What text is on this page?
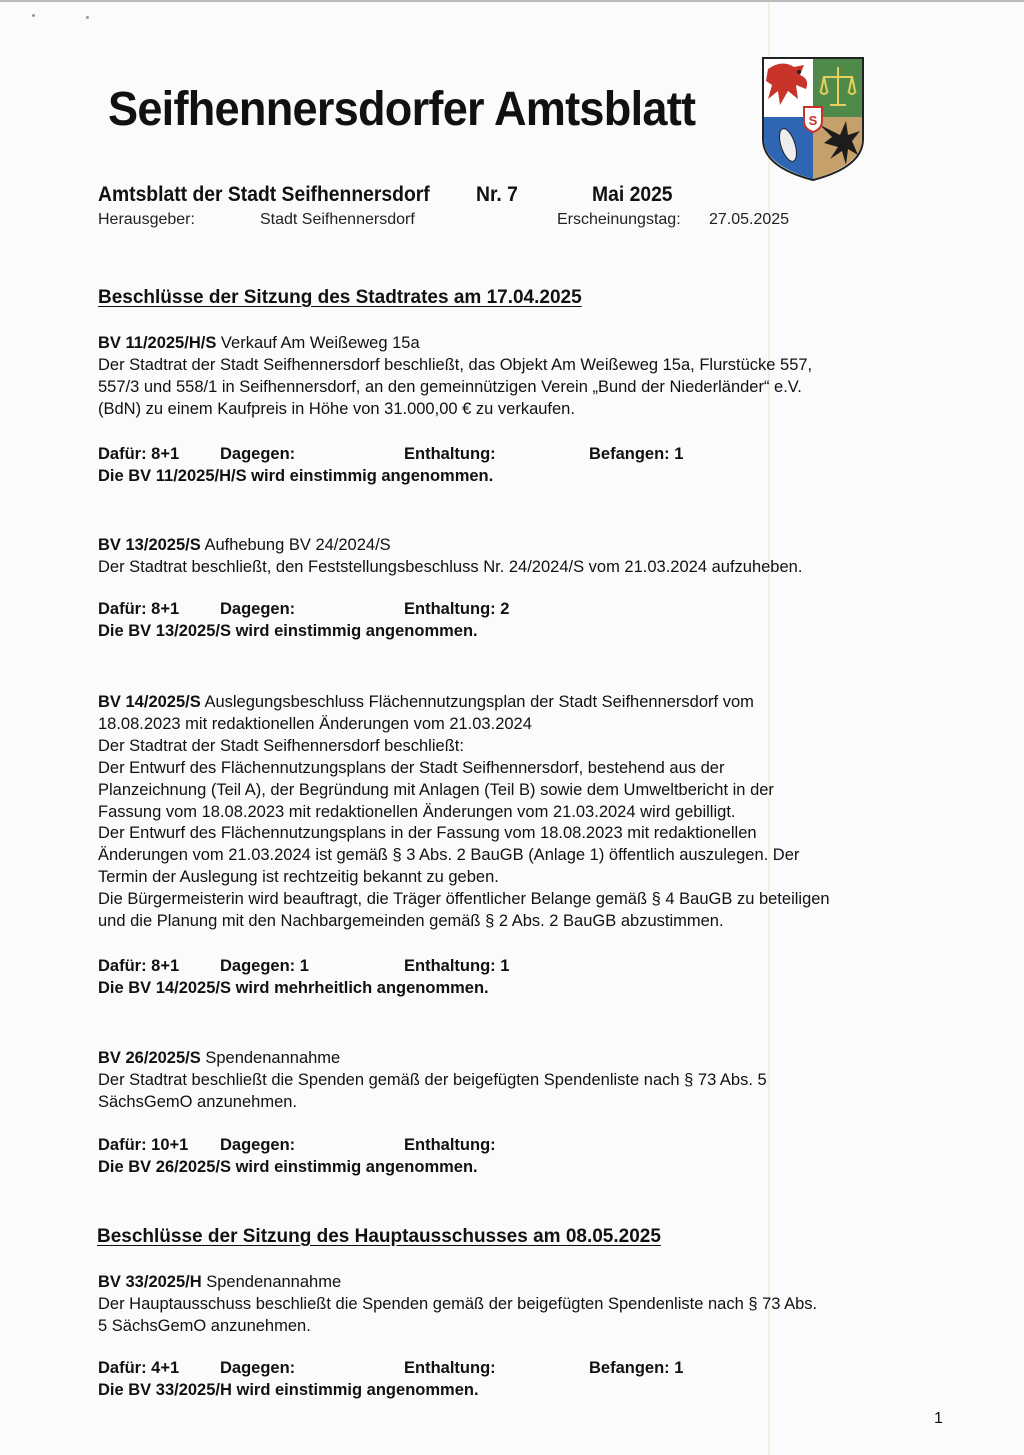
Seifhennersdorfer Amtsblatt	S
Amtsblatt der Stadt Seifhennersdorf Nr. 7	Mai 2025
Herausgeber:	Stadt Seifhennersdorf	Erscheinungstag: 27.05.2025
Beschlüsse der Sitzung des Stadtrates am 17.04.2025

BV 11/2025/H/S Verkauf Am Weißeweg 15a

Der Stadtrat der Stadt Seifhennersdorf beschließt, das Objekt Am Weißeweg 15a, Flurstücke 557,

557/3 und 558/1 in Seifhennersdorf, an den gemeinnützigen Verein „Bund der Niederländer“ e.V.

(BdN) zu einem Kaufpreis in Höhe von 31.000,00 € zu verkaufen.

Dafür: 8+1 Dagegen:	Enthaltung:	Befangen: 1
Die BV 11/2025/H/S wird einstimmig angenommen.

BV 13/2025/S Aufhebung BV 24/2024/S

Der Stadtrat beschließt, den Feststellungsbeschluss Nr. 24/2024/S vom 21.03.2024 aufzuheben.

Dafür: 8+1 Dagegen:	Enthaltung: 2
Die BV 13/2025/S wird einstimmig angenommen.

BV 14/2025/S Auslegungsbeschluss Flächennutzungsplan der Stadt Seifhennersdorf vom

18.08.2023 mit redaktionellen Änderungen vom 21.03.2024

Der Stadtrat der Stadt Seifhennersdorf beschließt:

Der Entwurf des Flächennutzungsplans der Stadt Seifhennersdorf, bestehend aus der

Planzeichnung (Teil A), der Begründung mit Anlagen (Teil B) sowie dem Umweltbericht in der

Fassung vom 18.08.2023 mit redaktionellen Änderungen vom 21.03.2024 wird gebilligt.

Der Entwurf des Flächennutzungsplans in der Fassung vom 18.08.2023 mit redaktionellen

Änderungen vom 21.03.2024 ist gemäß § 3 Abs. 2 BauGB (Anlage 1) öffentlich auszulegen. Der

Termin der Auslegung ist rechtzeitig bekannt zu geben.

Die Bürgermeisterin wird beauftragt, die Träger öffentlicher Belange gemäß § 4 BauGB zu beteiligen

und die Planung mit den Nachbargemeinden gemäß § 2 Abs. 2 BauGB abzustimmen.

Dafür: 8+1 Dagegen: 1	Enthaltung: 1
Die BV 14/2025/S wird mehrheitlich angenommen.

BV 26/2025/S Spendenannahme

Der Stadtrat beschließt die Spenden gemäß der beigefügten Spendenliste nach § 73 Abs. 5

SächsGemO anzunehmen.

Dafür: 10+1 Dagegen:	Enthaltung:
Die BV 26/2025/S wird einstimmig angenommen.
Beschlüsse der Sitzung des Hauptausschusses am 08.05.2025

BV 33/2025/H Spendenannahme

Der Hauptausschuss beschließt die Spenden gemäß der beigefügten Spendenliste nach § 73 Abs.

5 SächsGemO anzunehmen.

Dafür: 4+1 Dagegen:	Enthaltung:	Befangen: 1
Die BV 33/2025/H wird einstimmig angenommen.
1
